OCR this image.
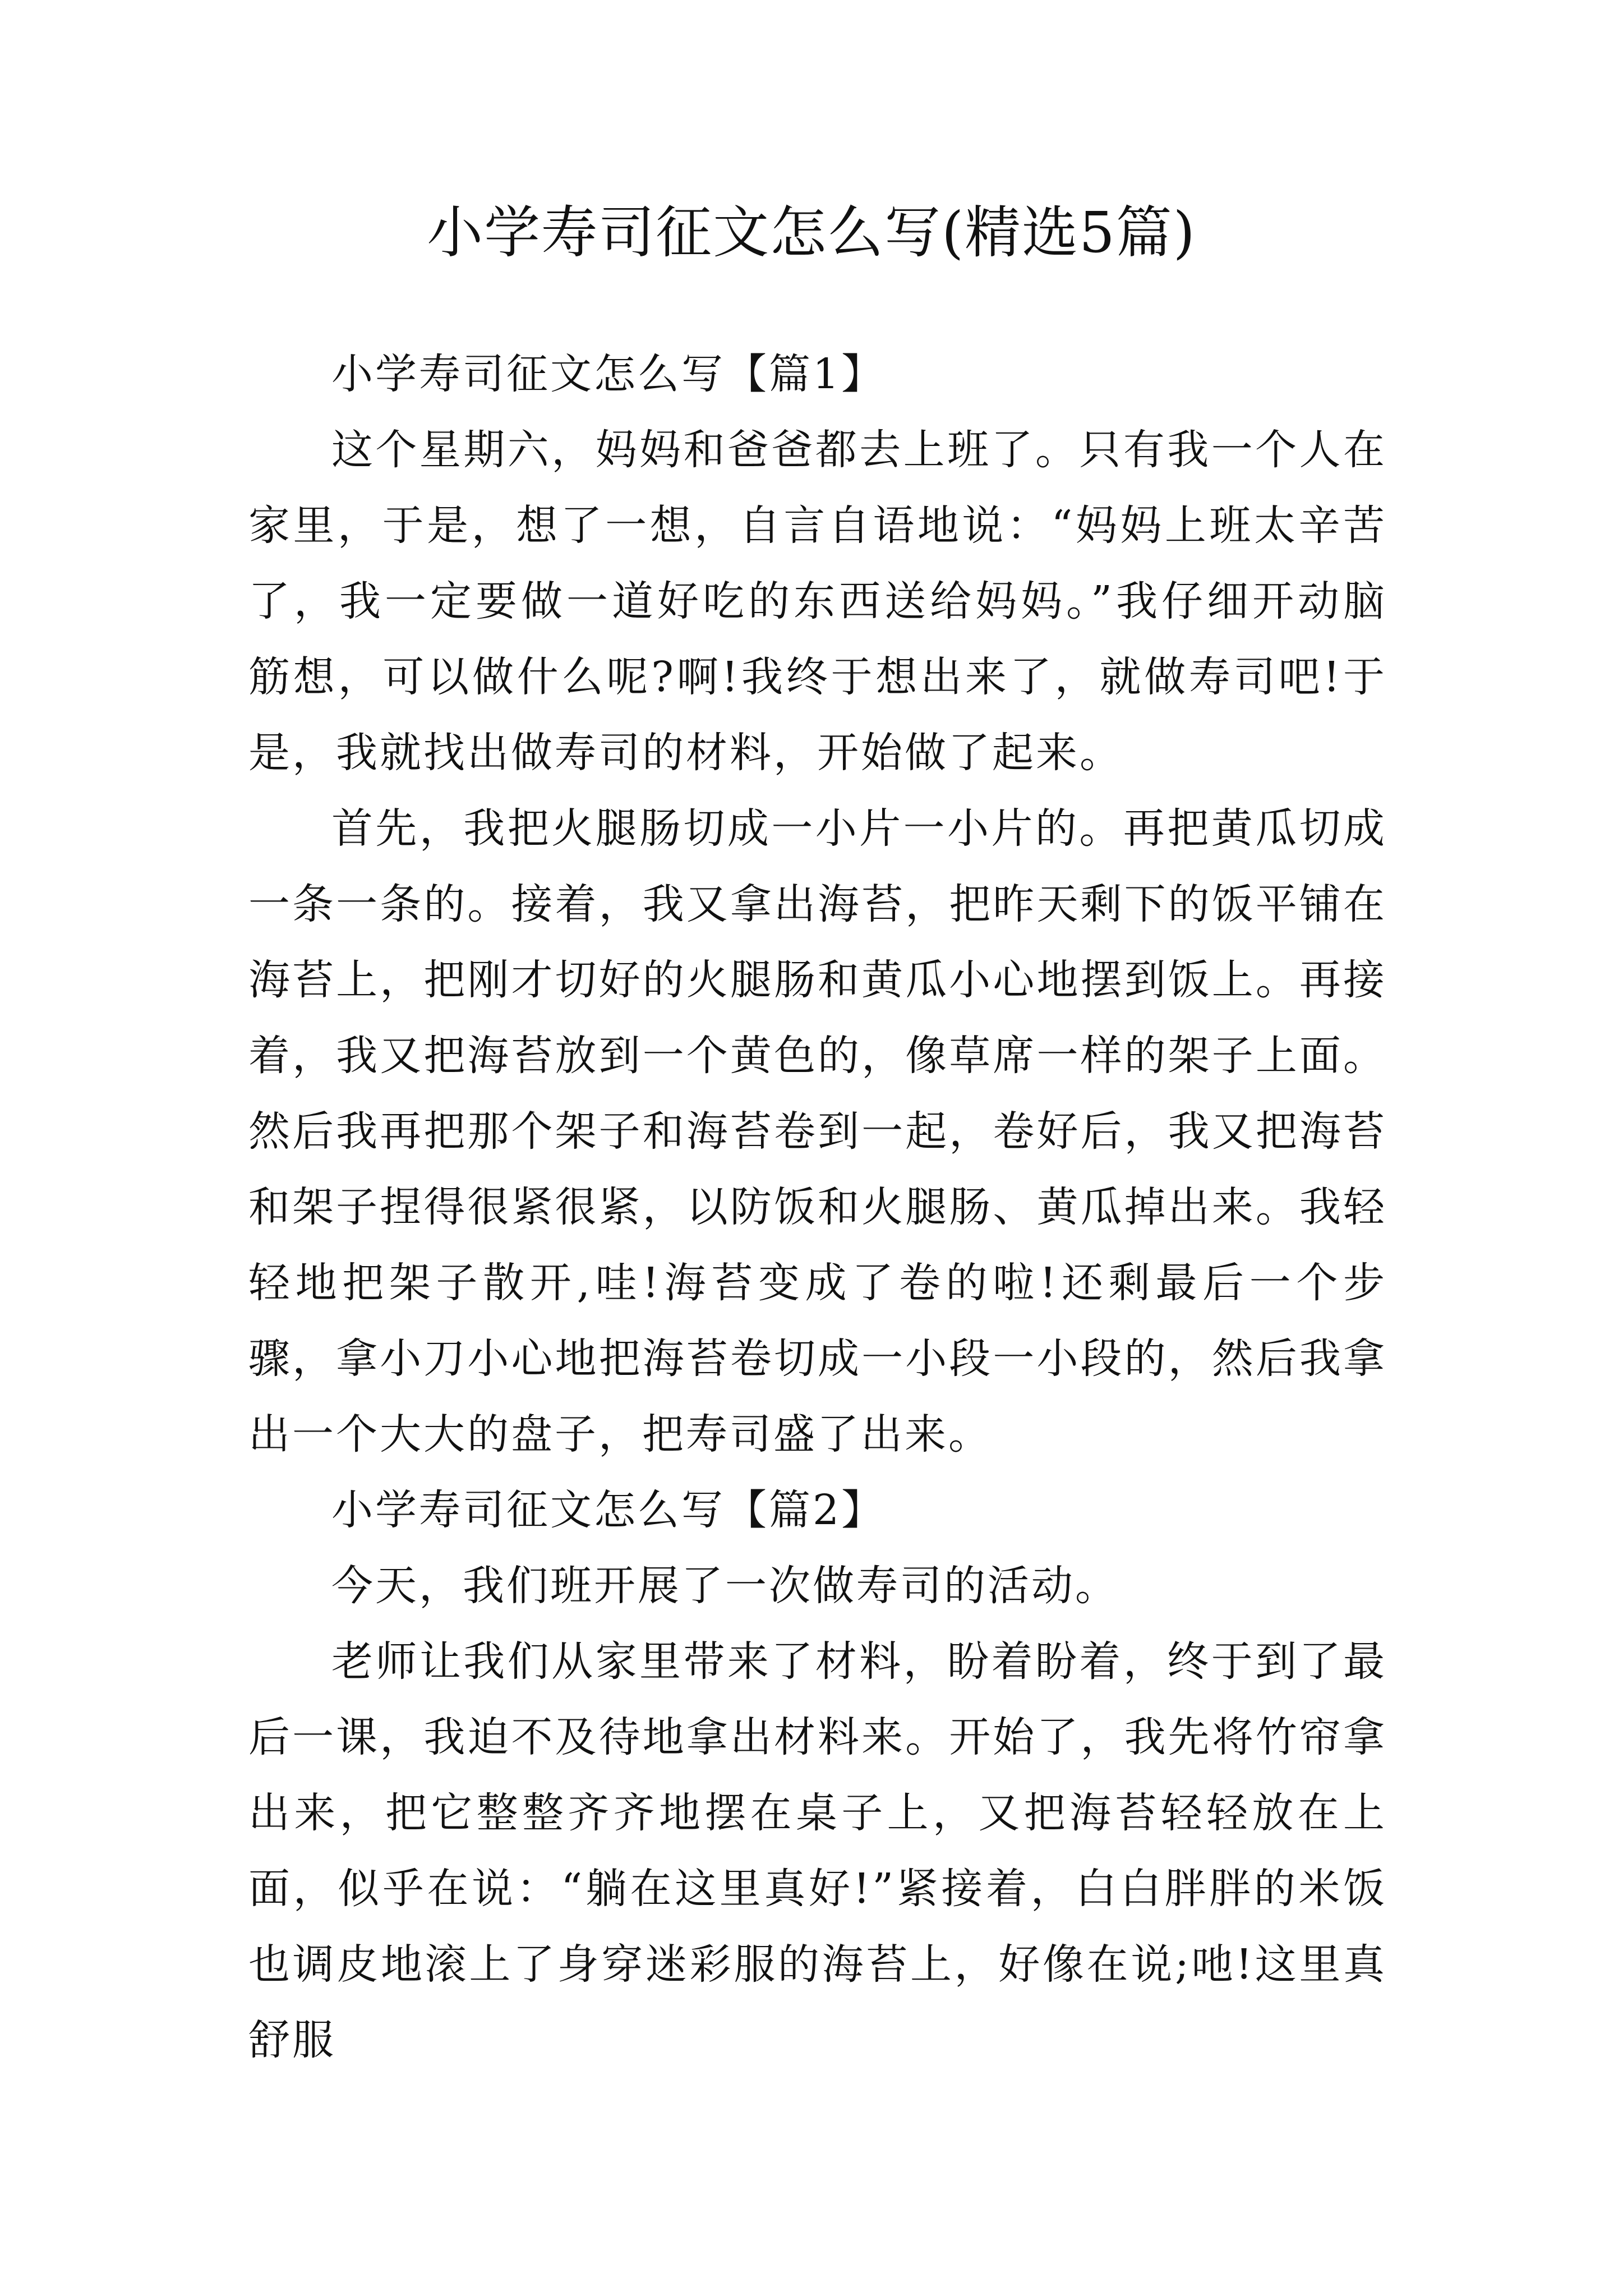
小学寿司征文怎么写(精选5篇)

小学寿司征文怎么写【篇1】

这个星期六，妈妈和爸爸都去上班了。只有我一个人在家里，于是，想了一想，自言自语地说：“妈妈上班太辛苦了，我一定要做一道好吃的东西送给妈妈。”我仔细开动脑筋想，可以做什么呢?啊!我终于想出来了，就做寿司吧!于是，我就找出做寿司的材料，开始做了起来。

首先，我把火腿肠切成一小片一小片的。再把黄瓜切成一条一条的。接着，我又拿出海苔，把昨天剩下的饭平铺在海苔上，把刚才切好的火腿肠和黄瓜小心地摆到饭上。再接着，我又把海苔放到一个黄色的，像草席一样的架子上面。然后我再把那个架子和海苔卷到一起，卷好后，我又把海苔和架子捏得很紧很紧，以防饭和火腿肠、黄瓜掉出来。我轻轻地把架子散开,哇!海苔变成了卷的啦!还剩最后一个步骤，拿小刀小心地把海苔卷切成一小段一小段的，然后我拿出一个大大的盘子，把寿司盛了出来。

小学寿司征文怎么写【篇2】

今天，我们班开展了一次做寿司的活动。

老师让我们从家里带来了材料，盼着盼着，终于到了最后一课，我迫不及待地拿出材料来。开始了，我先将竹帘拿出来，把它整整齐齐地摆在桌子上，又把海苔轻轻放在上面，似乎在说：“躺在这里真好!”紧接着，白白胖胖的米饭也调皮地滚上了身穿迷彩服的海苔上，好像在说;吔!这里真舒服
